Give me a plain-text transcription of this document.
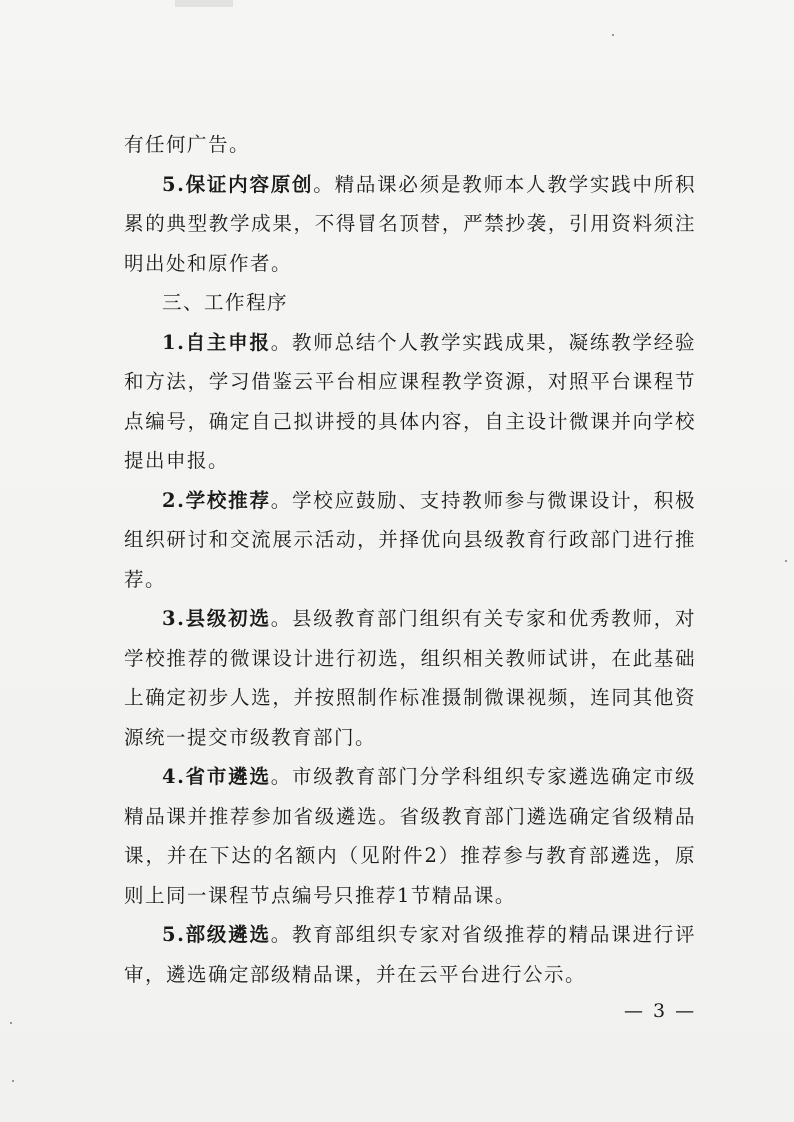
有任何广告。

5.保证内容原创。精品课必须是教师本人教学实践中所积累的典型教学成果，不得冒名顶替，严禁抄袭，引用资料须注明出处和原作者。

三、工作程序

1.自主申报。教师总结个人教学实践成果，凝练教学经验和方法，学习借鉴云平台相应课程教学资源，对照平台课程节点编号，确定自己拟讲授的具体内容，自主设计微课并向学校提出申报。

2.学校推荐。学校应鼓励、支持教师参与微课设计，积极组织研讨和交流展示活动，并择优向县级教育行政部门进行推荐。

3.县级初选。县级教育部门组织有关专家和优秀教师，对学校推荐的微课设计进行初选，组织相关教师试讲，在此基础上确定初步人选，并按照制作标准摄制微课视频，连同其他资源统一提交市级教育部门。

4.省市遴选。市级教育部门分学科组织专家遴选确定市级精品课并推荐参加省级遴选。省级教育部门遴选确定省级精品课，并在下达的名额内（见附件2）推荐参与教育部遴选，原则上同一课程节点编号只推荐1节精品课。

5.部级遴选。教育部组织专家对省级推荐的精品课进行评审，遴选确定部级精品课，并在云平台进行公示。

— 3 —
